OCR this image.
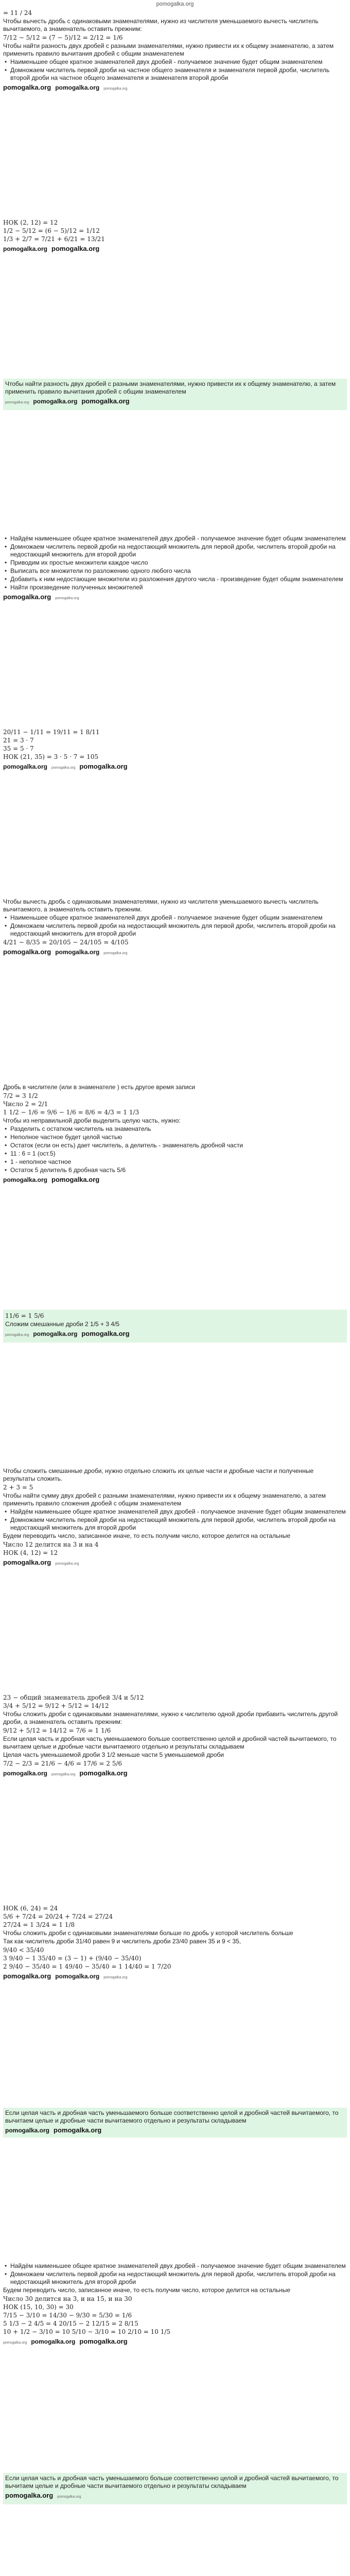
pomogalka.org
= 11 / 24
Чтобы вычесть дробь с одинаковыми знаменателями, нужно из числителя уменьшаемого вычесть числитель вычитаемого, а знаменатель оставить прежним:
7/12 − 5/12 = (7 − 5)/12 = 2/12 = 1/6
Чтобы найти разность двух дробей с разными знаменателями, нужно привести их к общему знаменателю, а затем применить правило вычитания дробей с общим знаменателем
• Наименьшее общее кратное знаменателей двух дробей - получаемое значение будет общим знаменателем
• Домножаем числитель первой дроби на частное общего знаменателя и знаменателя первой дроби, числитель второй дроби на частное общего знаменателя и знаменателя второй дроби
pomogalka.org pomogalka.org pomogalka.org
НОК (2, 12) = 12
1/2 − 5/12 = (6 − 5)/12 = 1/12
1/3 + 2/7 = 7/21 + 6/21 = 13/21
pomogalka.org pomogalka.org
Чтобы найти разность двух дробей с разными знаменателями, нужно привести их к общему знаменателю, а затем применить правило вычитания дробей с общим знаменателем
pomogalka.org pomogalka.org pomogalka.org
• Найдём наименьшее общее кратное знаменателей двух дробей - получаемое значение будет общим знаменателем
• Домножаем числитель первой дроби на недостающий множитель для первой дроби, числитель второй дроби на недостающий множитель для второй дроби
• Приводим их простые множители каждое число
• Выписать все множители по разложению одного любого числа
• Добавить к ним недостающие множители из разложения другого числа - произведение будет общим знаменателем
• Найти произведение полученных множителей
pomogalka.org pomogalka.org
20/11 − 1/11 = 19/11 = 1 8/11
21 = 3 · 7
35 = 5 · 7
НОК (21, 35) = 3 · 5 · 7 = 105
pomogalka.org pomogalka.org pomogalka.org
Чтобы вычесть дробь с одинаковыми знаменателями, нужно из числителя уменьшаемого вычесть числитель вычитаемого, а знаменатель оставить прежним.
• Наименьшее общее кратное знаменателей двух дробей - получаемое значение будет общим знаменателем
• Домножаем числитель первой дроби на недостающий множитель для первой дроби, числитель второй дроби на недостающий множитель для второй дроби
4/21 − 8/35 = 20/105 − 24/105 = 4/105
pomogalka.org pomogalka.org pomogalka.org
Дробь в числителе (или в знаменателе ) есть другое время записи
7/2 = 3 1/2
Число 2 = 2/1
1 1/2 − 1/6 = 9/6 − 1/6 = 8/6 = 4/3 = 1 1/3
Чтобы из неправильной дроби выделить целую часть, нужно:
• Разделить с остатком числитель на знаменатель
• Неполное частное будет целой частью
• Остаток (если он есть) дает числитель, а делитель - знаменатель дробной части
• 11 : 6 = 1 (ост.5)
• 1 - неполное частное
• Остаток 5 делитель 6 дробная часть 5/6
pomogalka.org pomogalka.org
11/6 = 1 5/6
Сложим смешанные дроби 2 1/5 + 3 4/5
pomogalka.org pomogalka.org pomogalka.org
Чтобы сложить смешанные дроби, нужно отдельно сложить их целые части и дробные части и полученные результаты сложить.
2 + 3 = 5
Чтобы найти сумму двух дробей с разными знаменателями, нужно привести их к общему знаменателю, а затем применить правило сложения дробей с общим знаменателем
• Найдём наименьшее общее кратное знаменателей двух дробей - получаемое значение будет общим знаменателем
• Домножаем числитель первой дроби на недостающий множитель для первой дроби, числитель второй дроби на недостающий множитель для второй дроби
Будем переводить число, записанное иначе, то есть получим число, которое делится на остальные
Число 12 делится на 3 и на 4
НОК (4, 12) = 12
pomogalka.org pomogalka.org
23 − общий знаменатель дробей 3/4 и 5/12
3/4 + 5/12 = 9/12 + 5/12 = 14/12
Чтобы сложить дроби с одинаковыми знаменателями, нужно к числителю одной дроби прибавить числитель другой дроби, а знаменатель оставить прежним:
9/12 + 5/12 = 14/12 = 7/6 = 1 1/6
Если целая часть и дробная часть уменьшаемого больше соответственно целой и дробной частей вычитаемого, то вычитаем целые и дробные части вычитаемого отдельно и результаты складываем
Целая часть уменьшаемой дроби 3 1/2 меньше части 5 уменьшаемой дроби
7/2 − 2/3 = 21/6 − 4/6 = 17/6 = 2 5/6
pomogalka.org pomogalka.org pomogalka.org
НОК (6, 24) = 24
5/6 + 7/24 = 20/24 + 7/24 = 27/24
27/24 = 1 3/24 = 1 1/8
Чтобы сложить дроби с одинаковыми знаменателями больше по дробь у которой числитель больше
Так как числитель дроби 31/40 равен 9 и числитель дроби 23/40 равен 35 и 9 < 35,
9/40 < 35/40
3 9/40 − 1 35/40 = (3 − 1) + (9/40 − 35/40)
2 9/40 − 35/40 = 1 49/40 − 35/40 = 1 14/40 = 1 7/20
pomogalka.org pomogalka.org pomogalka.org
Если целая часть и дробная часть уменьшаемого больше соответственно целой и дробной частей вычитаемого, то вычитаем целые и дробные части вычитаемого отдельно и результаты складываем
pomogalka.org pomogalka.org
• Найдём наименьшее общее кратное знаменателей двух дробей - получаемое значение будет общим знаменателем
• Домножаем числитель первой дроби на недостающий множитель для первой дроби, числитель второй дроби на недостающий множитель для второй дроби
Будем переводить число, записанное иначе, то есть получим число, которое делится на остальные
Число 30 делится на 3, и на 15, и на 30
НОК (15, 10, 30) = 30
7/15 − 3/10 = 14/30 − 9/30 = 5/30 = 1/6
5 1/3 − 2 4/5 = 4 20/15 − 2 12/15 = 2 8/15
10 + 1/2 − 3/10 = 10 5/10 − 3/10 = 10 2/10 = 10 1/5
pomogalka.org pomogalka.org pomogalka.org
Если целая часть и дробная часть уменьшаемого больше соответственно целой и дробной частей вычитаемого, то вычитаем целые и дробные части вычитаемого отдельно и результаты складываем
pomogalka.org pomogalka.org
